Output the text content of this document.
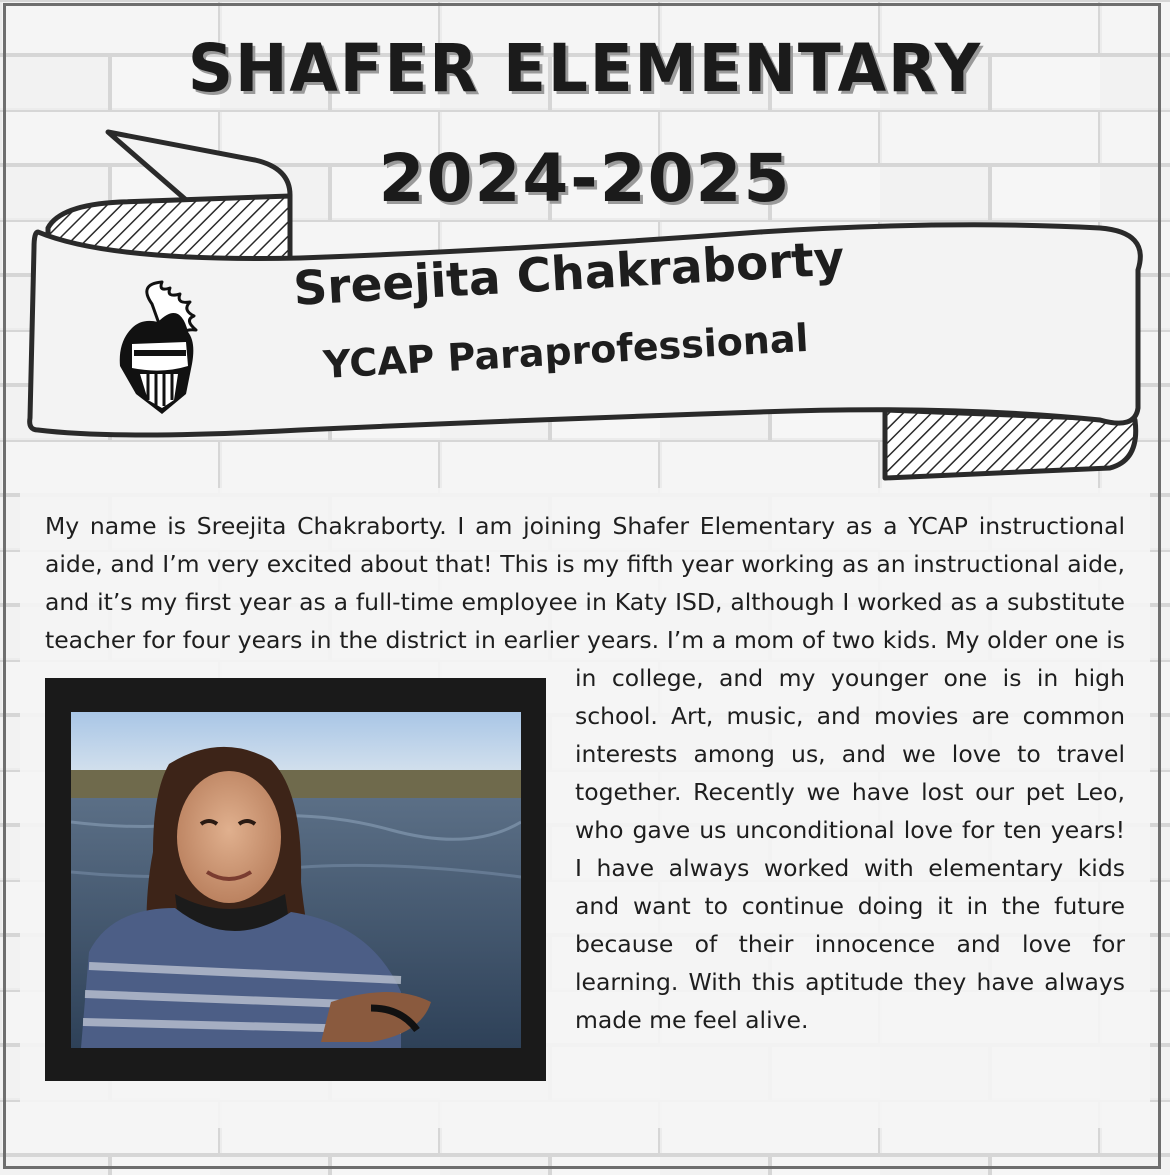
SHAFER ELEMENTARY
2024-2025
Sreejita Chakraborty
YCAP Paraprofessional
My name is Sreejita Chakraborty. I am joining Shafer Elementary as a YCAP instructional aide, and I’m very excited about that! This is my fifth year working as an instructional aide, and it’s my first year as a full-time employee in Katy ISD, although I worked as a substitute teacher for four years in the district in earlier years. I’m a mom of two kids. My older one is in college, and my younger one is in high school. Art, music, and movies are common interests among us, and we love to travel together. Recently we have lost our pet Leo, who gave us unconditional love for ten years! I have always worked with elementary kids and want to continue doing it in the future because of their innocence and love for learning. With this aptitude they have always made me feel alive.
